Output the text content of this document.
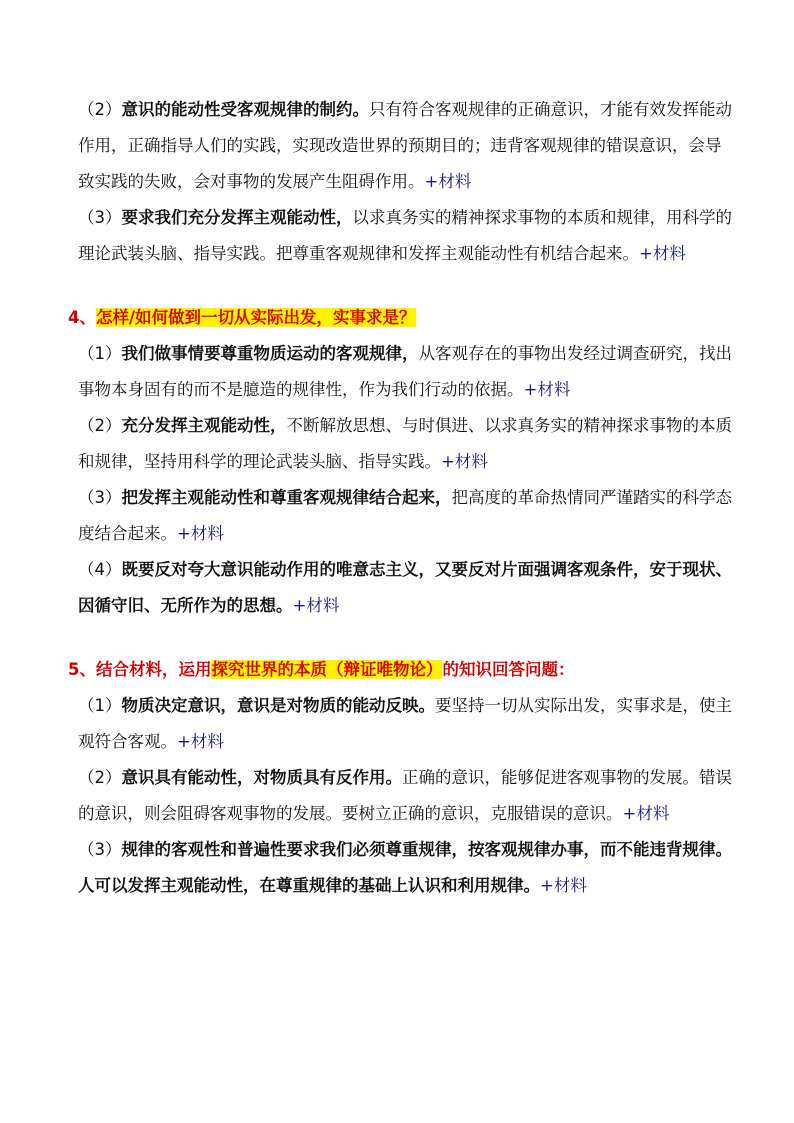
（2）意识的能动性受客观规律的制约。只有符合客观规律的正确意识，才能有效发挥能动作用，正确指导人们的实践，实现改造世界的预期目的；违背客观规律的错误意识，会导致实践的失败，会对事物的发展产生阻碍作用。+材料

（3）要求我们充分发挥主观能动性，以求真务实的精神探求事物的本质和规律，用科学的理论武装头脑、指导实践。把尊重客观规律和发挥主观能动性有机结合起来。+材料

4、怎样/如何做到一切从实际出发，实事求是？

（1）我们做事情要尊重物质运动的客观规律，从客观存在的事物出发经过调查研究，找出事物本身固有的而不是臆造的规律性，作为我们行动的依据。+材料

（2）充分发挥主观能动性，不断解放思想、与时俱进、以求真务实的精神探求事物的本质和规律，坚持用科学的理论武装头脑、指导实践。+材料

（3）把发挥主观能动性和尊重客观规律结合起来，把高度的革命热情同严谨踏实的科学态度结合起来。+材料

（4）既要反对夸大意识能动作用的唯意志主义，又要反对片面强调客观条件，安于现状、因循守旧、无所作为的思想。+材料

5、结合材料，运用探究世界的本质（辩证唯物论）的知识回答问题：

（1）物质决定意识，意识是对物质的能动反映。要坚持一切从实际出发，实事求是，使主观符合客观。+材料

（2）意识具有能动性，对物质具有反作用。正确的意识，能够促进客观事物的发展。错误的意识，则会阻碍客观事物的发展。要树立正确的意识，克服错误的意识。+材料

（3）规律的客观性和普遍性要求我们必须尊重规律，按客观规律办事，而不能违背规律。人可以发挥主观能动性，在尊重规律的基础上认识和利用规律。+材料
